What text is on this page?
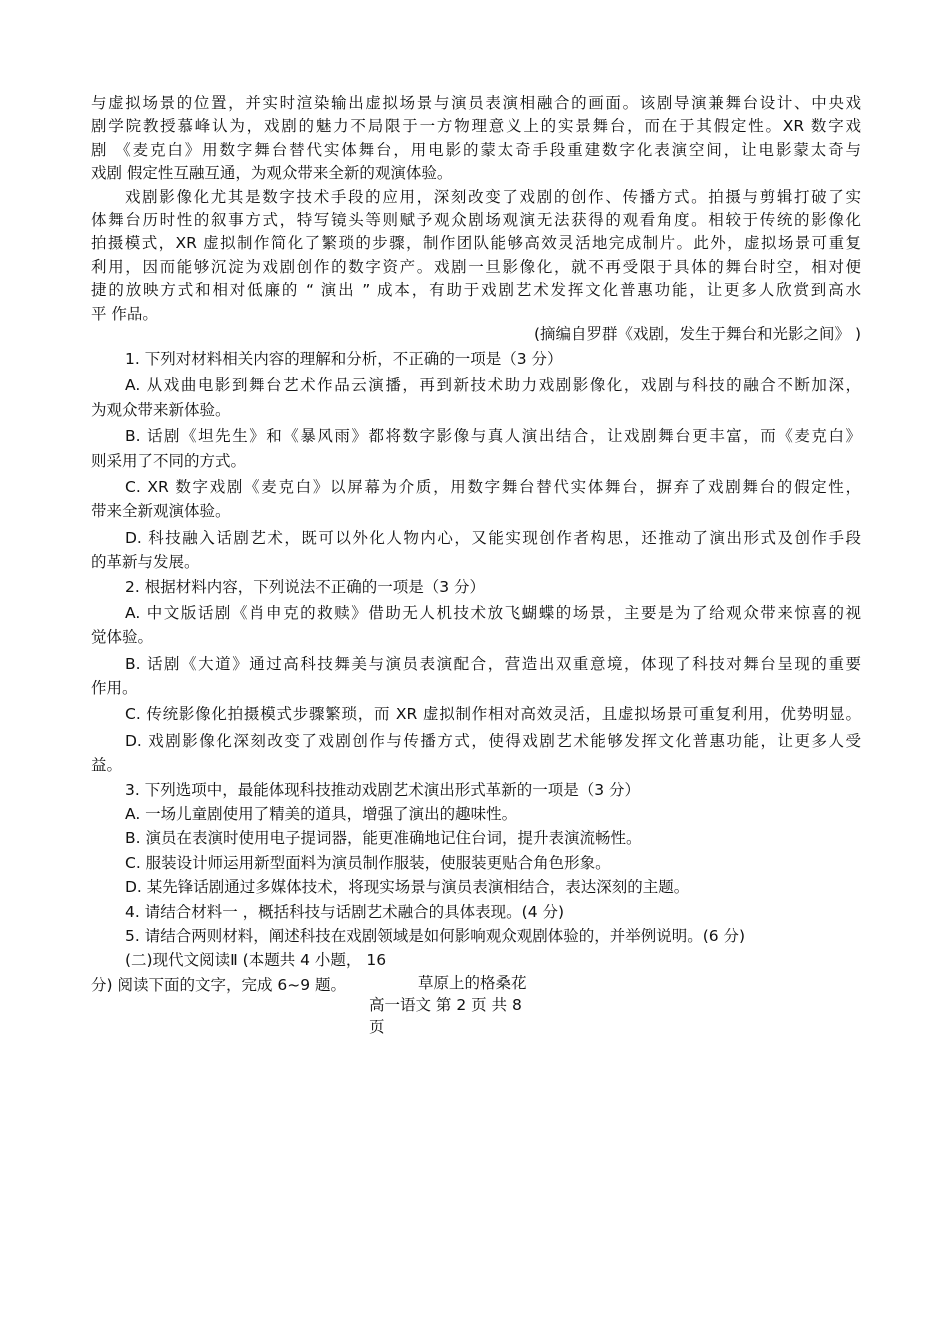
与虚拟场景的位置，并实时渲染输出虚拟场景与演员表演相融合的画面。该剧导演兼舞台设计、中央戏
剧学院教授慕峰认为，戏剧的魅力不局限于一方物理意义上的实景舞台，而在于其假定性。XR 数字戏
剧 《麦克白》用数字舞台替代实体舞台，用电影的蒙太奇手段重建数字化表演空间，让电影蒙太奇与
戏剧 假定性互融互通，为观众带来全新的观演体验。
戏剧影像化尤其是数字技术手段的应用，深刻改变了戏剧的创作、传播方式。拍摄与剪辑打破了实
体舞台历时性的叙事方式，特写镜头等则赋予观众剧场观演无法获得的观看角度。相较于传统的影像化
拍摄模式，XR 虚拟制作简化了繁琐的步骤，制作团队能够高效灵活地完成制片。此外，虚拟场景可重复
利用，因而能够沉淀为戏剧创作的数字资产。戏剧一旦影像化，就不再受限于具体的舞台时空，相对便
捷的放映方式和相对低廉的 “ 演出 ” 成本，有助于戏剧艺术发挥文化普惠功能，让更多人欣赏到高水
平 作品。
(摘编自罗群《戏剧，发生于舞台和光影之间》 )
1. 下列对材料相关内容的理解和分析，不正确的一项是（3 分）
A. 从戏曲电影到舞台艺术作品云演播，再到新技术助力戏剧影像化，戏剧与科技的融合不断加深，
为观众带来新体验。
B. 话剧《坦先生》和《暴风雨》都将数字影像与真人演出结合，让戏剧舞台更丰富，而《麦克白》
则采用了不同的方式。
C. XR 数字戏剧《麦克白》以屏幕为介质，用数字舞台替代实体舞台，摒弃了戏剧舞台的假定性，
带来全新观演体验。
D. 科技融入话剧艺术，既可以外化人物内心，又能实现创作者构思，还推动了演出形式及创作手段
的革新与发展。
2. 根据材料内容，下列说法不正确的一项是（3 分）
A. 中文版话剧《肖申克的救赎》借助无人机技术放飞蝴蝶的场景，主要是为了给观众带来惊喜的视
觉体验。
B. 话剧《大道》通过高科技舞美与演员表演配合，营造出双重意境，体现了科技对舞台呈现的重要
作用。
C. 传统影像化拍摄模式步骤繁琐，而 XR 虚拟制作相对高效灵活，且虚拟场景可重复利用，优势明显。
D. 戏剧影像化深刻改变了戏剧创作与传播方式，使得戏剧艺术能够发挥文化普惠功能，让更多人受
益。
3. 下列选项中，最能体现科技推动戏剧艺术演出形式革新的一项是（3 分）
A. 一场儿童剧使用了精美的道具，增强了演出的趣味性。
B. 演员在表演时使用电子提词器，能更准确地记住台词，提升表演流畅性。
C. 服装设计师运用新型面料为演员制作服装，使服装更贴合角色形象。
D. 某先锋话剧通过多媒体技术，将现实场景与演员表演相结合，表达深刻的主题。
4. 请结合材料一 ，概括科技与话剧艺术融合的具体表现。(4 分)
5. 请结合两则材料，阐述科技在戏剧领域是如何影响观众观剧体验的，并举例说明。(6 分)
(二)现代文阅读Ⅱ (本题共 4 小题， 16
分) 阅读下面的文字，完成 6~9 题。	草原上的格桑花
高一语文 第 2 页 共 8
页
